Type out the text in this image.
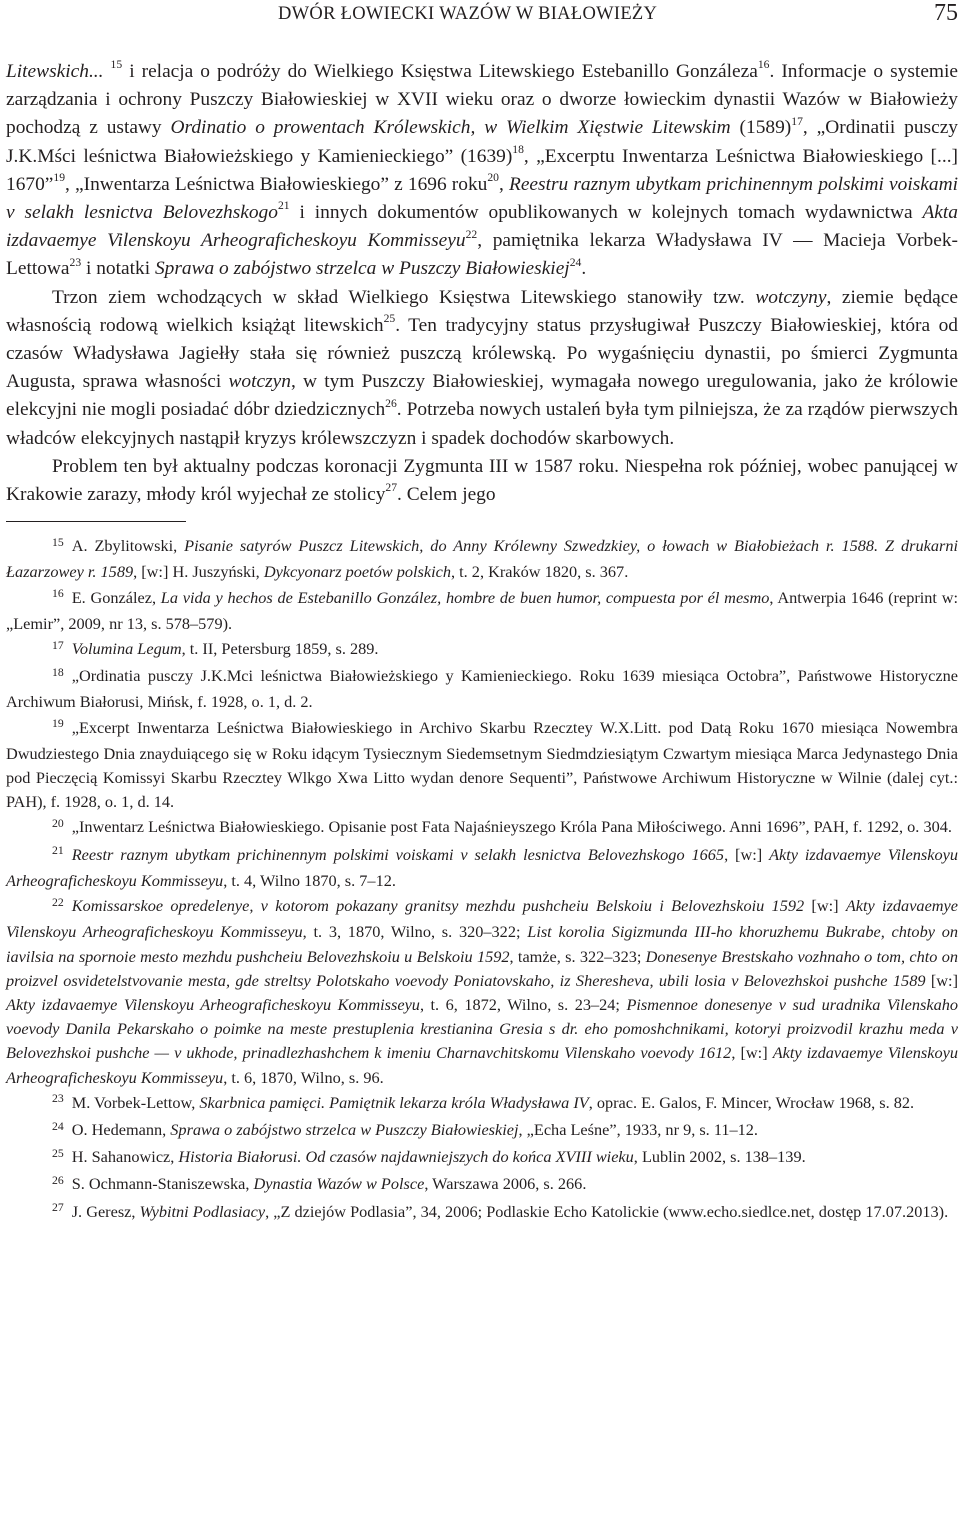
DWÓR ŁOWIECKI WAZÓW W BIAŁOWIEŻY	75

Litewskich... $^{15}$ i relacja o podróży do Wielkiego Księstwa Litewskiego Estebanillo Gonzáleza$^{16}$. Informacje o systemie zarządzania i ochrony Puszczy Białowieskiej w XVII wieku oraz o dworze łowieckim dynastii Wazów w Białowieży pochodzą z ustawy Ordinatio o prowentach Królewskich, w Wielkim Xięstwie Litewskim $(1589)^{17}$, „Ordinatii pusczy J.K.Mści leśnictwa Białowieżskiego y Kamienieckiego” $(1639)^{18}$, „Excerptu Inwentarza Leśnictwa Białowieskiego [...] 1670”$^{19}$, „Inwentarza Leśnictwa Białowieskiego” z 1696 roku$^{20}$, Reestru raznym ubytkam prichinennym polskimi voiskami v selakh lesnictva Belovezhskogo$^{21}$ i innych dokumentów opublikowanych w kolejnych tomach wydawnictwa Akta izdavaemye Vilenskoyu Arheograficheskoyu Kommisseyu$^{22}$, pamiętnika lekarza Władysława IV — Macieja Vorbek-Lettowa$^{23}$ i notatki Sprawa o zabójstwo strzelca w Puszczy Białowieskiej$^{24}$.

Trzon ziem wchodzących w skład Wielkiego Księstwa Litewskiego stanowiły tzw. wotczyny, ziemie będące własnością rodową wielkich książąt litewskich$^{25}$. Ten tradycyjny status przysługiwał Puszczy Białowieskiej, która od czasów Władysława Jagiełły stała się również puszczą królewską. Po wygaśnięciu dynastii, po śmierci Zygmunta Augusta, sprawa własności wotczyn, w tym Puszczy Białowieskiej, wymagała nowego uregulowania, jako że królowie elekcyjni nie mogli posiadać dóbr dziedzicznych$^{26}$. Potrzeba nowych ustaleń była tym pilniejsza, że za rządów pierwszych władców elekcyjnych nastąpił kryzys królewszczyzn i spadek dochodów skarbowych.

Problem ten był aktualny podczas koronacji Zygmunta III w 1587 roku. Niespełna rok później, wobec panującej w Krakowie zarazy, młody król wyjechał ze stolicy$^{27}$. Celem jego

$^{15}$ A. Zbylitowski, Pisanie satyrów Puszcz Litewskich, do Anny Królewny Szwedzkiey, o łowach w Białobieżach r. 1588. Z drukarni Łazarzowey r. 1589, [w:] H. Juszyński, Dykcyonarz poetów polskich, t. 2, Kraków 1820, s. 367.
$^{16}$ E. González, La vida y hechos de Estebanillo González, hombre de buen humor, compuesta por él mesmo, Antwerpia 1646 (reprint w: „Lemir”, 2009, nr 13, s. 578–579).
$^{17}$ Volumina Legum, t. II, Petersburg 1859, s. 289.
$^{18}$ „Ordinatia pusczy J.K.Mci leśnictwa Białowieżskiego y Kamienieckiego. Roku 1639 miesiąca Octobra”, Państwowe Historyczne Archiwum Białorusi, Mińsk, f. 1928, o. 1, d. 2.
$^{19}$ „Excerpt Inwentarza Leśnictwa Białowieskiego in Archivo Skarbu Rzecztey W.X.Litt. pod Datą Roku 1670 miesiąca Nowembra Dwudziestego Dnia znayduiącego się w Roku idącym Tysiecznym Siedemsetnym Siedmdziesiątym Czwartym miesiąca Marca Jedynastego Dnia pod Pieczęcią Komissyi Skarbu Rzecztey Wlkgo Xwa Litto wydan denore Sequenti”, Państwowe Archiwum Historyczne w Wilnie (dalej cyt.: PAH), f. 1928, o. 1, d. 14.
$^{20}$ „Inwentarz Leśnictwa Białowieskiego. Opisanie post Fata Najaśnieyszego Króla Pana Miłościwego. Anni 1696”, PAH, f. 1292, o. 304.
$^{21}$ Reestr raznym ubytkam prichinennym polskimi voiskami v selakh lesnictva Belovezhskogo 1665, [w:] Akty izdavaemye Vilenskoyu Arheograficheskoyu Kommisseyu, t. 4, Wilno 1870, s. 7–12.
$^{22}$ Komissarskoe opredelenye, v kotorom pokazany granitsy mezhdu pushcheiu Belskoiu i Belovezhskoiu 1592 [w:] Akty izdavaemye Vilenskoyu Arheograficheskoyu Kommisseyu, t. 3, 1870, Wilno, s. 320–322; List korolia Sigizmunda III-ho khoruzhemu Bukrabe, chtoby on iavilsia na spornoie mesto mezhdu pushcheiu Belovezhskoiu u Belskoiu 1592, tamże, s. 322–323; Donesenye Brestskaho vozhnaho o tom, chto on proizvel osvidetelstvovanie mesta, gde streltsy Polotskaho voevody Poniatovskaho, iz Sheresheva, ubili losia v Belovezhskoi pushche 1589 [w:] Akty izdavaemye Vilenskoyu Arheograficheskoyu Kommisseyu, t. 6, 1872, Wilno, s. 23–24; Pismennoe donesenye v sud uradnika Vilenskaho voevody Danila Pekarskaho o poimke na meste prestuplenia krestianina Gresia s dr. eho pomoshchnikami, kotoryi proizvodil krazhu meda v Belovezhskoi pushche — v ukhode, prinadlezhashchem k imeniu Charnavchitskomu Vilenskaho voevody 1612, [w:] Akty izdavaemye Vilenskoyu Arheograficheskoyu Kommisseyu, t. 6, 1870, Wilno, s. 96.
$^{23}$ M. Vorbek-Lettow, Skarbnica pamięci. Pamiętnik lekarza króla Władysława IV, oprac. E. Galos, F. Mincer, Wrocław 1968, s. 82.
$^{24}$ O. Hedemann, Sprawa o zabójstwo strzelca w Puszczy Białowieskiej, „Echa Leśne”, 1933, nr 9, s. 11–12.
$^{25}$ H. Sahanowicz, Historia Białorusi. Od czasów najdawniejszych do końca XVIII wieku, Lublin 2002, s. 138–139.
$^{26}$ S. Ochmann-Staniszewska, Dynastia Wazów w Polsce, Warszawa 2006, s. 266.
$^{27}$ J. Geresz, Wybitni Podlasiacy, „Z dziejów Podlasia”, 34, 2006; Podlaskie Echo Katolickie (www.echo.siedlce.net, dostęp 17.07.2013).
